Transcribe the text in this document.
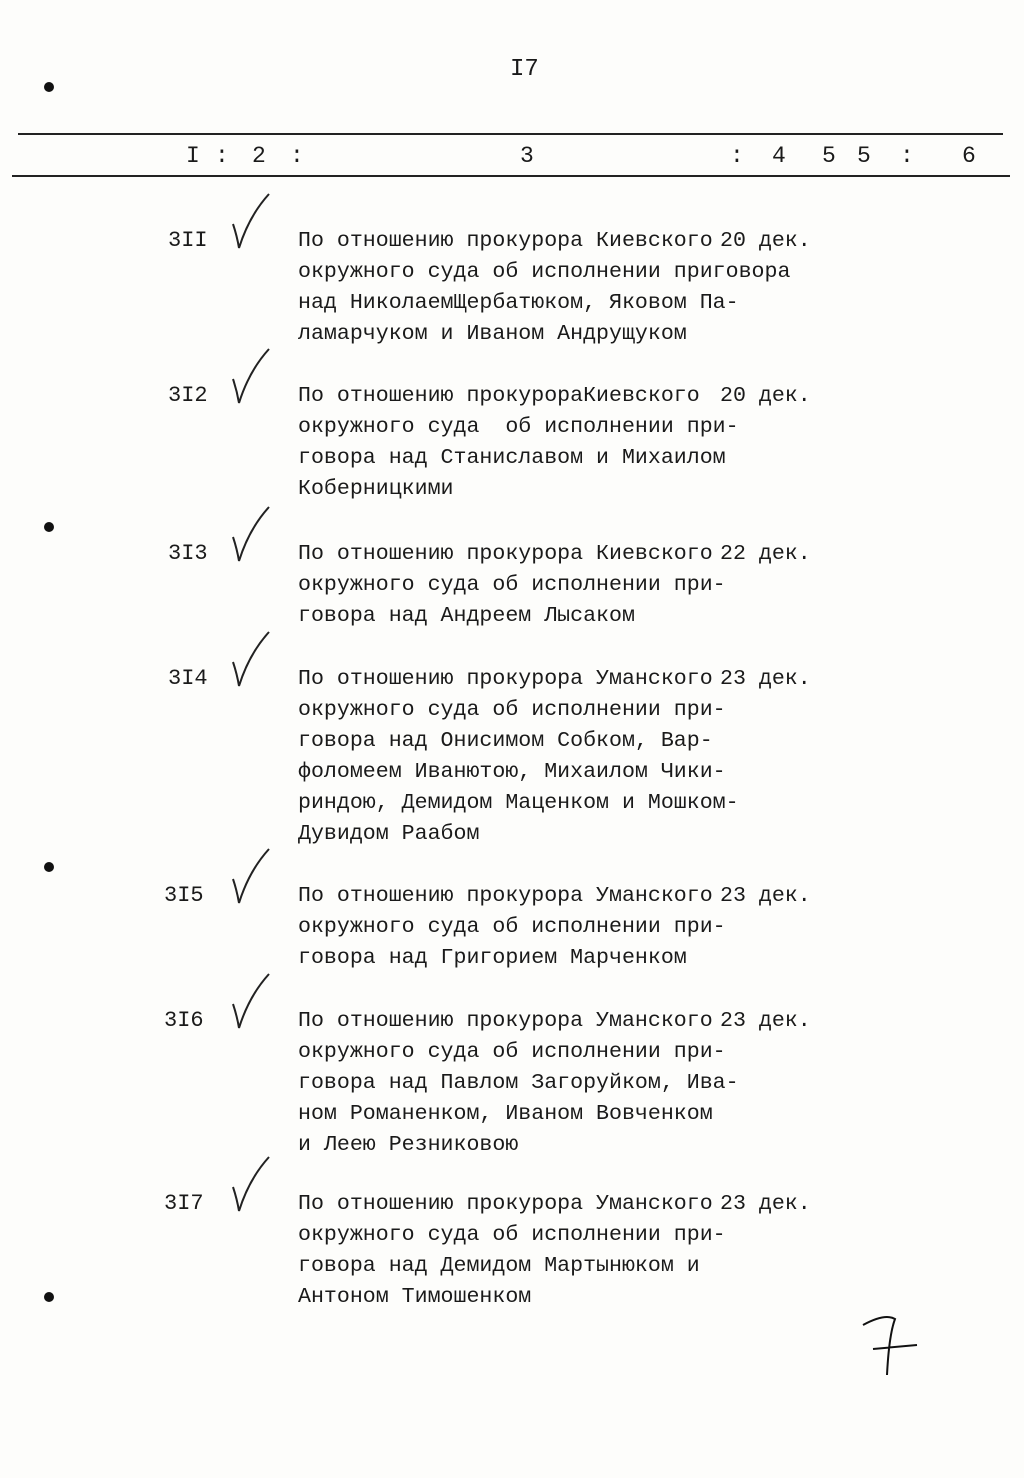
I7
I : 2 :	3	: 4 5 5 : 6
3II	По отношению прокурора Киевского
окружного суда об исполнении приговора
над НиколаемЩербатюком, Яковом Па-
ламарчуком и Иваном Андрущуком
20 дек.
3I2	По отношению прокурораКиевского
окружного суда  об исполнении при-
говора над Станиславом и Михаилом
Коберницкими
20 дек.
3I3	По отношению прокурора Киевского
окружного суда об исполнении при-
говора над Андреем Лысаком
22 дек.
3I4	По отношению прокурора Уманского
окружного суда об исполнении при-
говора над Онисимом Собком, Вар-
фоломеем Иванютою, Михаилом Чики-
риндою, Демидом Маценком и Мошком-
Дувидом Раабом
23 дек.
3I5	По отношению прокурора Уманского
окружного суда об исполнении при-
говора над Григорием Марченком
23 дек.
3I6	По отношению прокурора Уманского
окружного суда об исполнении при-
говора над Павлом Загоруйком, Ива-
ном Романенком, Иваном Вовченком
и Леею Резниковою
23 дек.
3I7	По отношению прокурора Уманского
окружного суда об исполнении при-
говора над Демидом Мартынюком и
Антоном Тимошенком
23 дек.
